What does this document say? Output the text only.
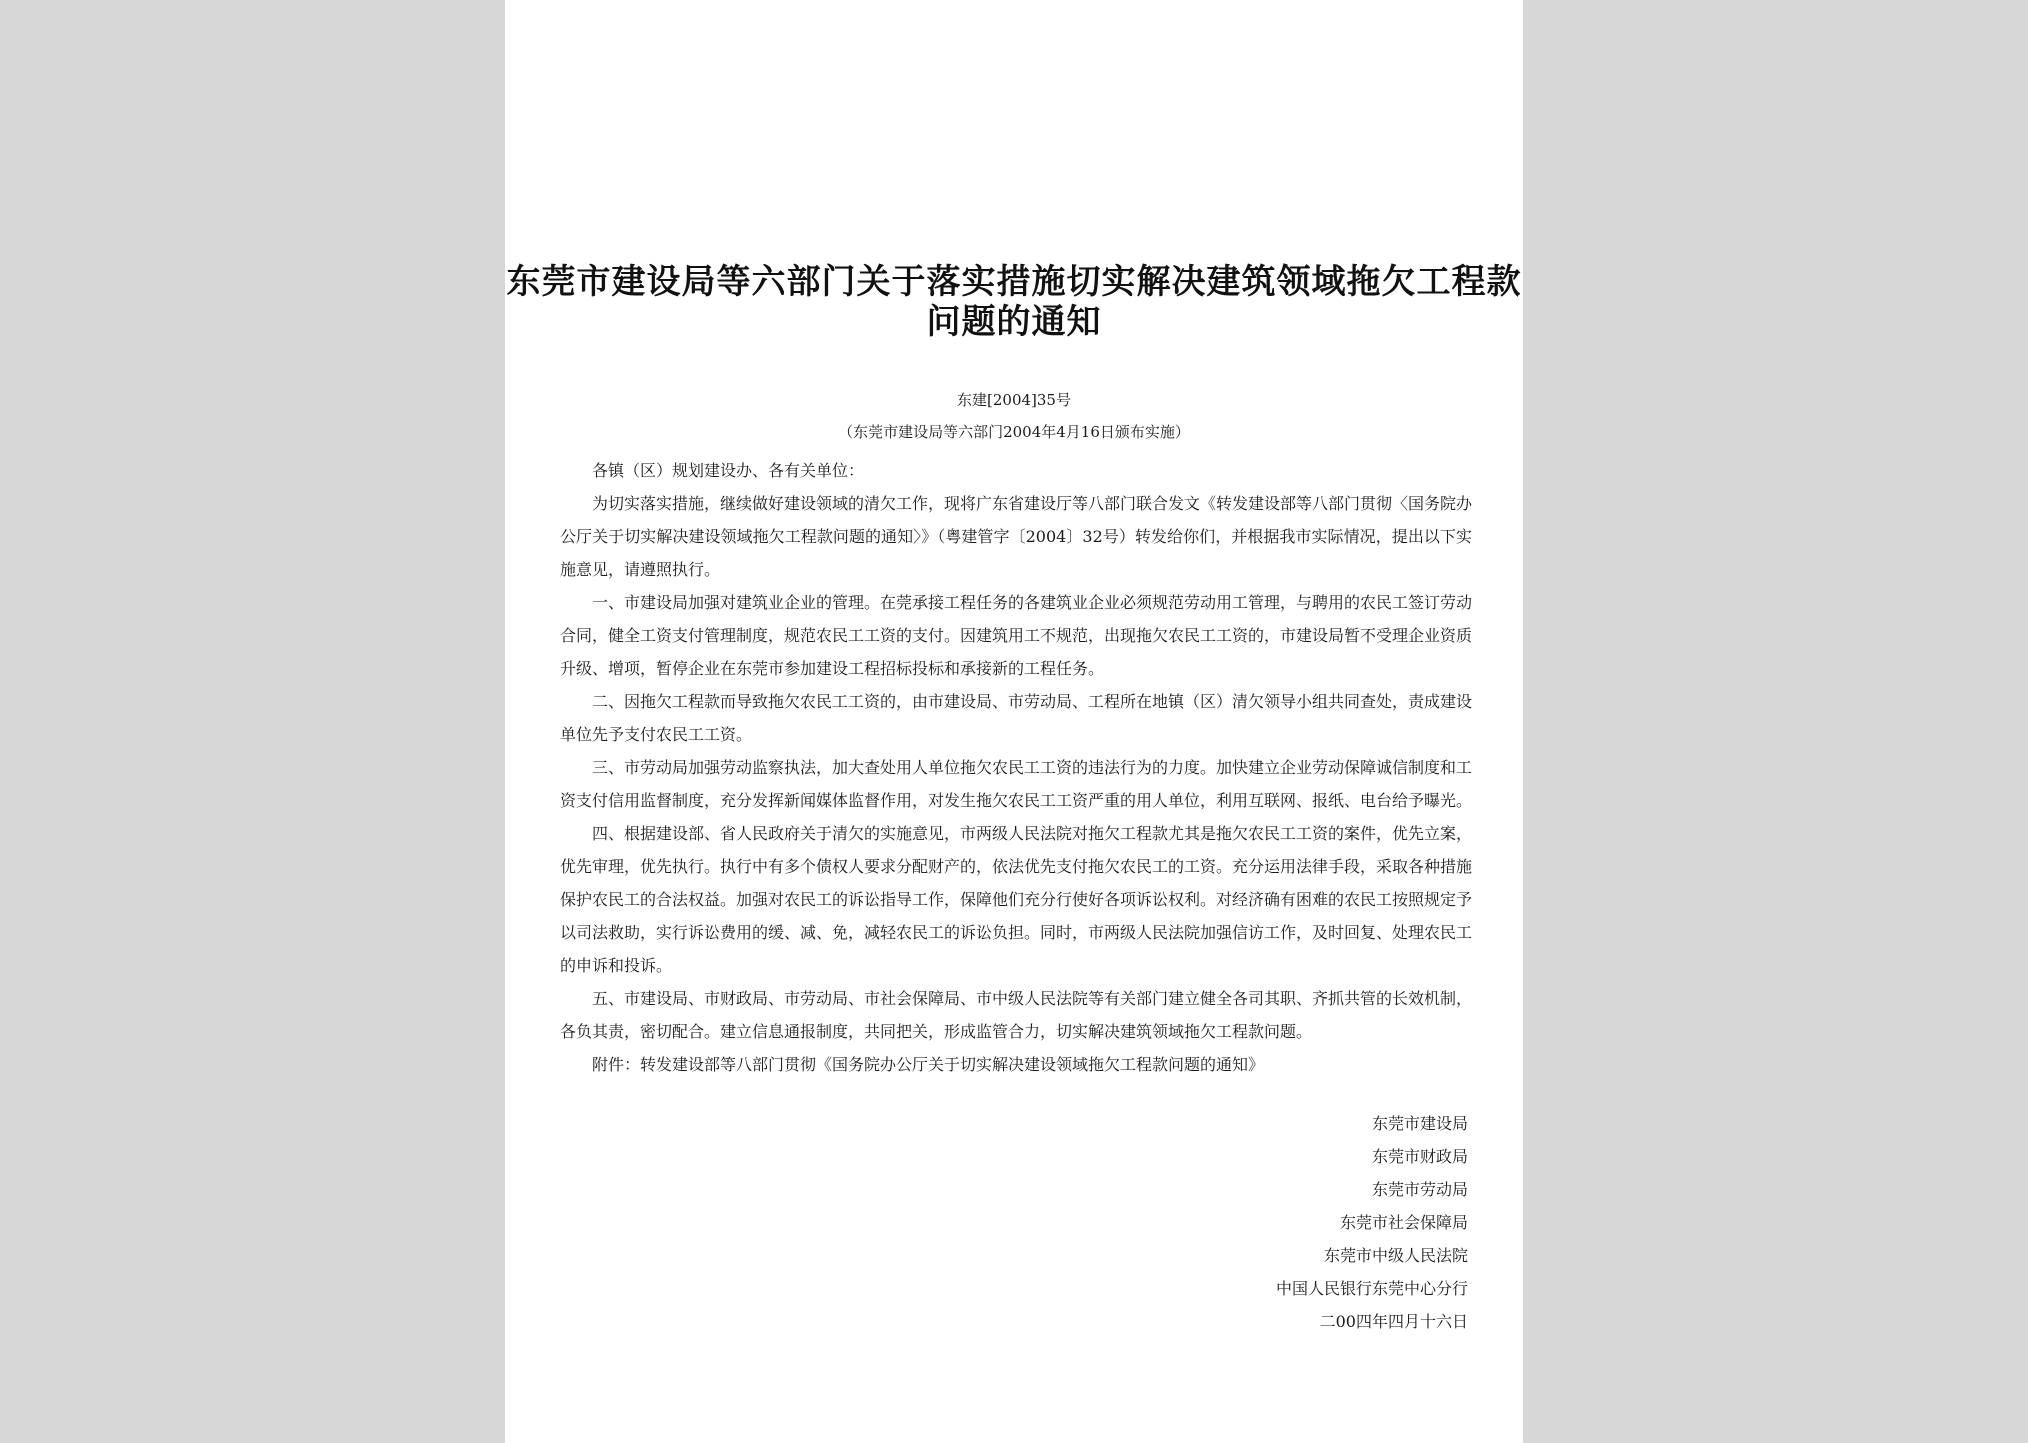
东莞市建设局等六部门关于落实措施切实解决建筑领域拖欠工程款问题的通知
东建[2004]35号
（东莞市建设局等六部门2004年4月16日颁布实施）

各镇（区）规划建设办、各有关单位：

为切实落实措施，继续做好建设领域的清欠工作，现将广东省建设厅等八部门联合发文《转发建设部等八部门贯彻〈国务院办公厅关于切实解决建设领域拖欠工程款问题的通知〉》（粤建管字〔2004〕32号）转发给你们，并根据我市实际情况，提出以下实施意见，请遵照执行。

一、市建设局加强对建筑业企业的管理。在莞承接工程任务的各建筑业企业必须规范劳动用工管理，与聘用的农民工签订劳动合同，健全工资支付管理制度，规范农民工工资的支付。因建筑用工不规范，出现拖欠农民工工资的，市建设局暂不受理企业资质升级、增项，暂停企业在东莞市参加建设工程招标投标和承接新的工程任务。

二、因拖欠工程款而导致拖欠农民工工资的，由市建设局、市劳动局、工程所在地镇（区）清欠领导小组共同查处，责成建设单位先予支付农民工工资。

三、市劳动局加强劳动监察执法，加大查处用人单位拖欠农民工工资的违法行为的力度。加快建立企业劳动保障诚信制度和工资支付信用监督制度，充分发挥新闻媒体监督作用，对发生拖欠农民工工资严重的用人单位，利用互联网、报纸、电台给予曝光。

四、根据建设部、省人民政府关于清欠的实施意见，市两级人民法院对拖欠工程款尤其是拖欠农民工工资的案件，优先立案，优先审理，优先执行。执行中有多个债权人要求分配财产的，依法优先支付拖欠农民工的工资。充分运用法律手段，采取各种措施保护农民工的合法权益。加强对农民工的诉讼指导工作，保障他们充分行使好各项诉讼权利。对经济确有困难的农民工按照规定予以司法救助，实行诉讼费用的缓、减、免，减轻农民工的诉讼负担。同时，市两级人民法院加强信访工作，及时回复、处理农民工的申诉和投诉。

五、市建设局、市财政局、市劳动局、市社会保障局、市中级人民法院等有关部门建立健全各司其职、齐抓共管的长效机制，各负其责，密切配合。建立信息通报制度，共同把关，形成监管合力，切实解决建筑领域拖欠工程款问题。

附件：转发建设部等八部门贯彻《国务院办公厅关于切实解决建设领域拖欠工程款问题的通知》

东莞市建设局
东莞市财政局
东莞市劳动局
东莞市社会保障局
东莞市中级人民法院
中国人民银行东莞中心分行
二00四年四月十六日
